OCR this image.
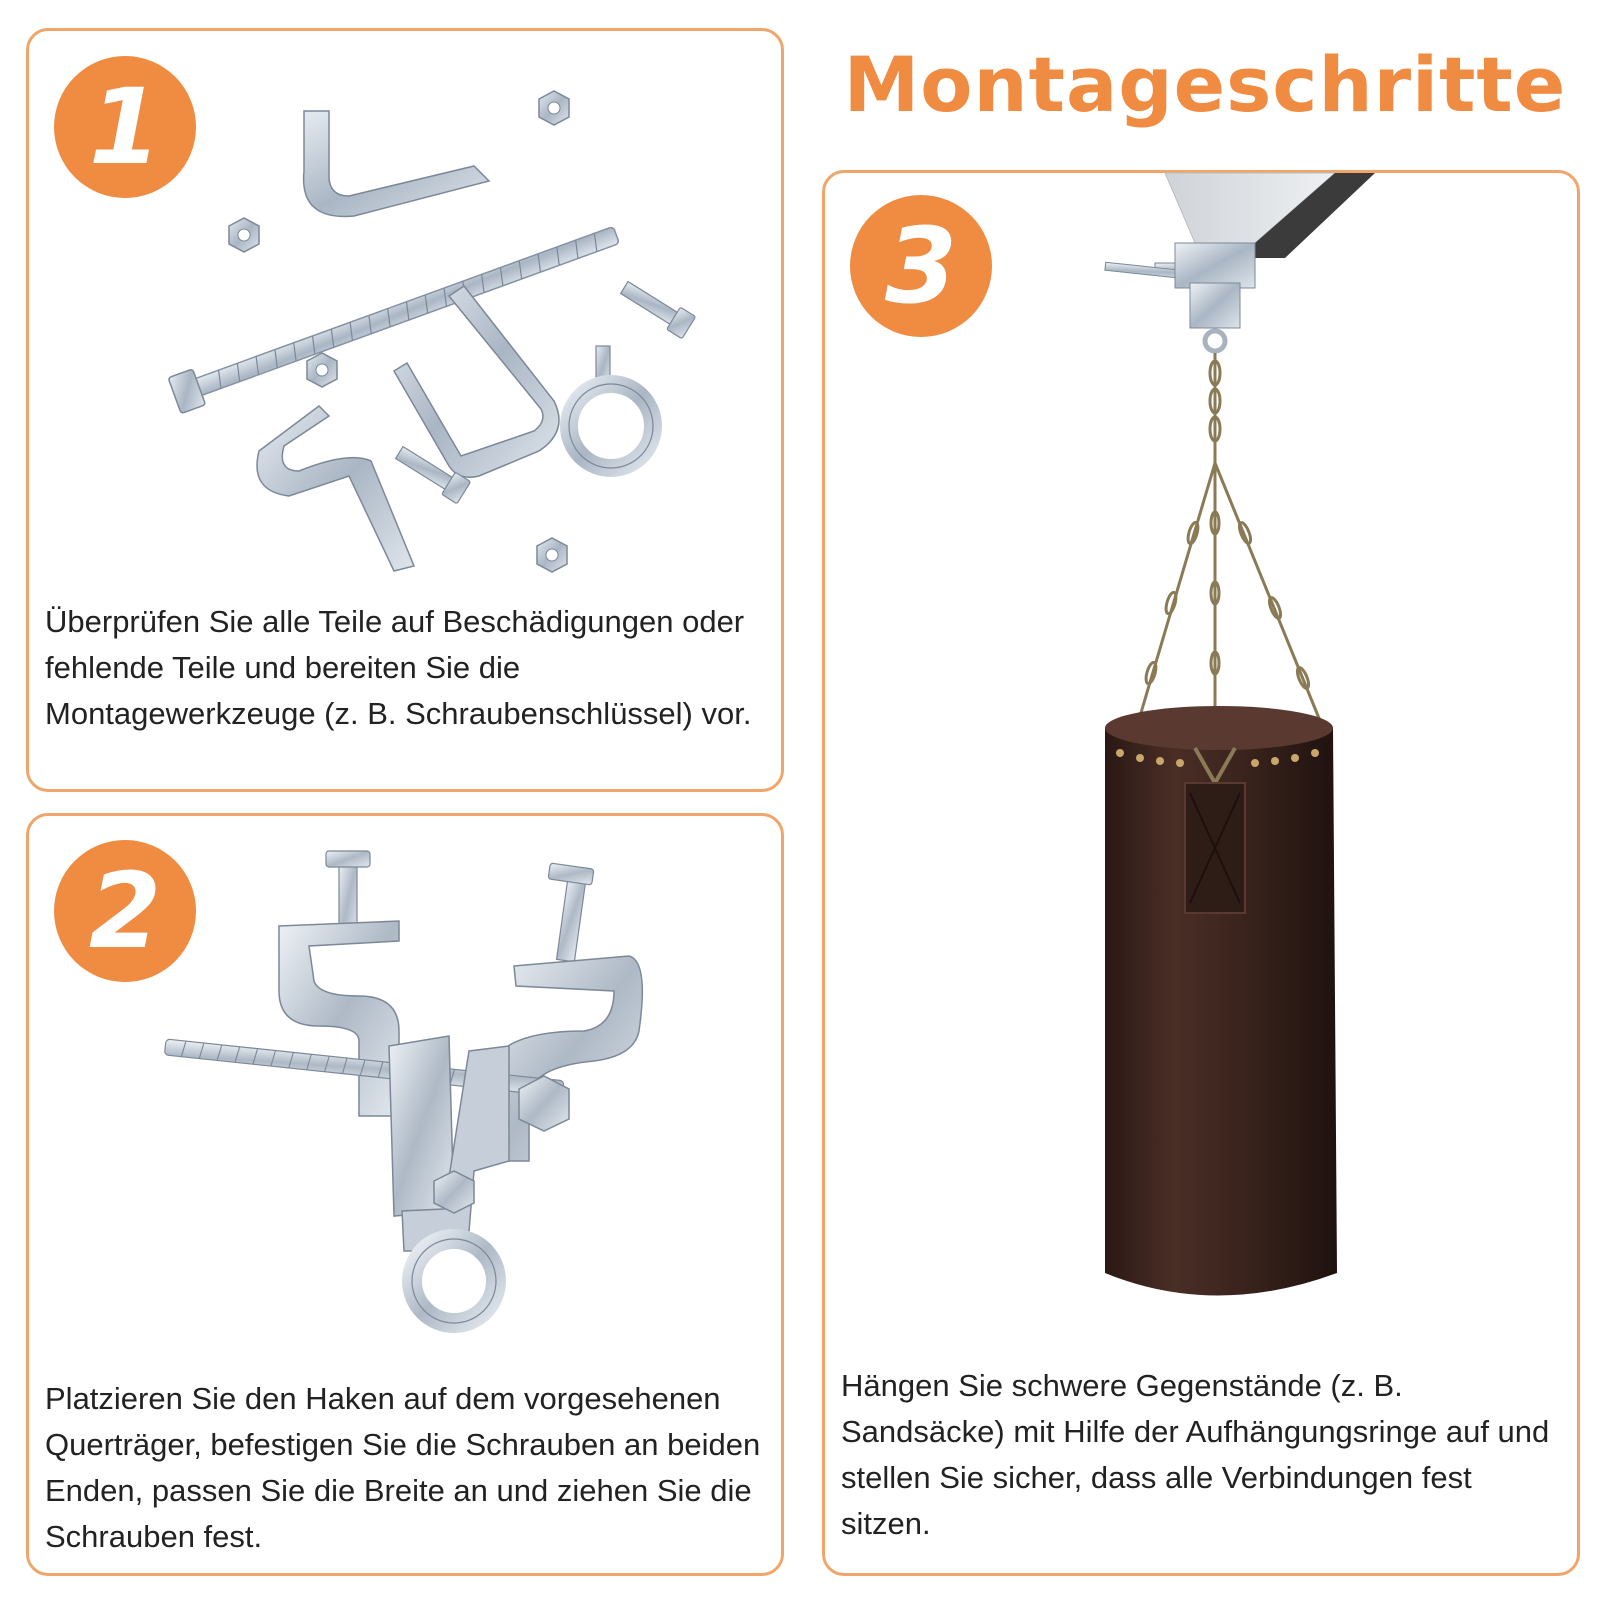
Montageschritte
1

Überprüfen Sie alle Teile auf Beschädigungen oder fehlende Teile und bereiten Sie die Montagewerkzeuge (z. B. Schraubenschlüssel) vor.

2

Platzieren Sie den Haken auf dem vorgesehenen Querträger, befestigen Sie die Schrauben an beiden Enden, passen Sie die Breite an und ziehen Sie die Schrauben fest.

3

Hängen Sie schwere Gegenstände (z. B. Sandsäcke) mit Hilfe der Aufhängungsringe auf und stellen Sie sicher, dass alle Verbindungen fest sitzen.
